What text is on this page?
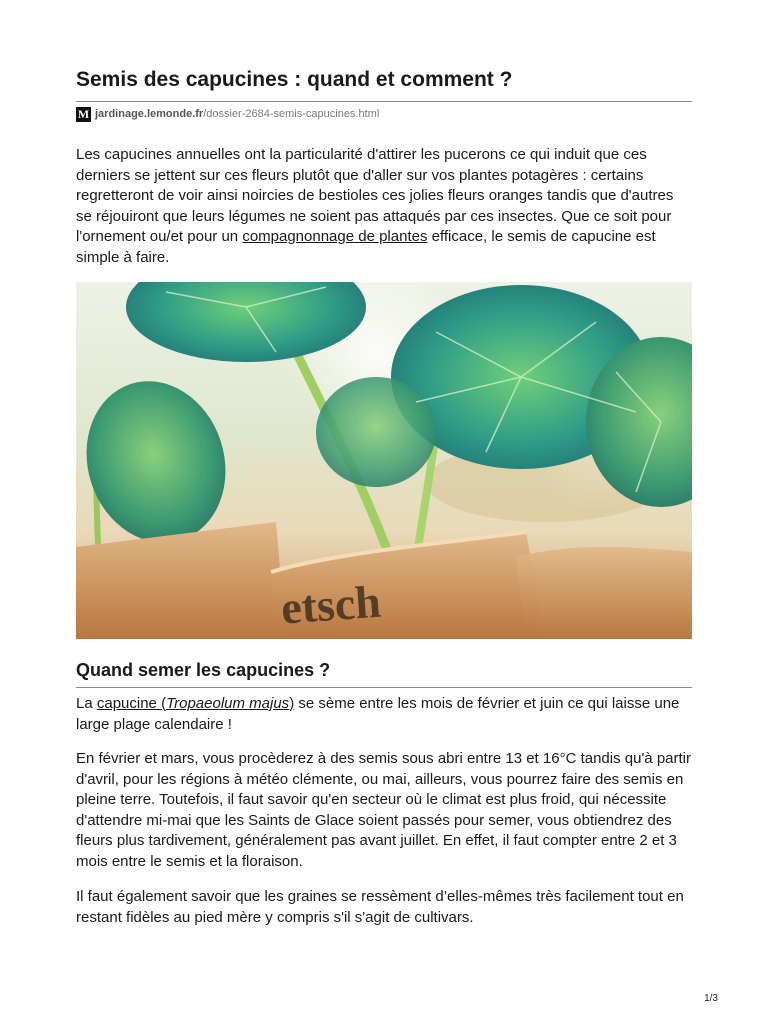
Semis des capucines : quand et comment ?
M jardinage.lemonde.fr/dossier-2684-semis-capucines.html

Les capucines annuelles ont la particularité d'attirer les pucerons ce qui induit que ces derniers se jettent sur ces fleurs plutôt que d'aller sur vos plantes potagères : certains regretteront de voir ainsi noircies de bestioles ces jolies fleurs oranges tandis que d'autres se réjouiront que leurs légumes ne soient pas attaqués par ces insectes. Que ce soit pour l'ornement ou/et pour un compagnonnage de plantes efficace, le semis de capucine est simple à faire.

etsch
Quand semer les capucines ?

La capucine (Tropaeolum majus) se sème entre les mois de février et juin ce qui laisse une large plage calendaire !

En février et mars, vous procèderez à des semis sous abri entre 13 et 16°C tandis qu'à partir d'avril, pour les régions à météo clémente, ou mai, ailleurs, vous pourrez faire des semis en pleine terre. Toutefois, il faut savoir qu'en secteur où le climat est plus froid, qui nécessite d'attendre mi-mai que les Saints de Glace soient passés pour semer, vous obtiendrez des fleurs plus tardivement, généralement pas avant juillet. En effet, il faut compter entre 2 et 3 mois entre le semis et la floraison.

Il faut également savoir que les graines se ressèment d’elles-mêmes très facilement tout en restant fidèles au pied mère y compris s'il s'agit de cultivars.

1/3
